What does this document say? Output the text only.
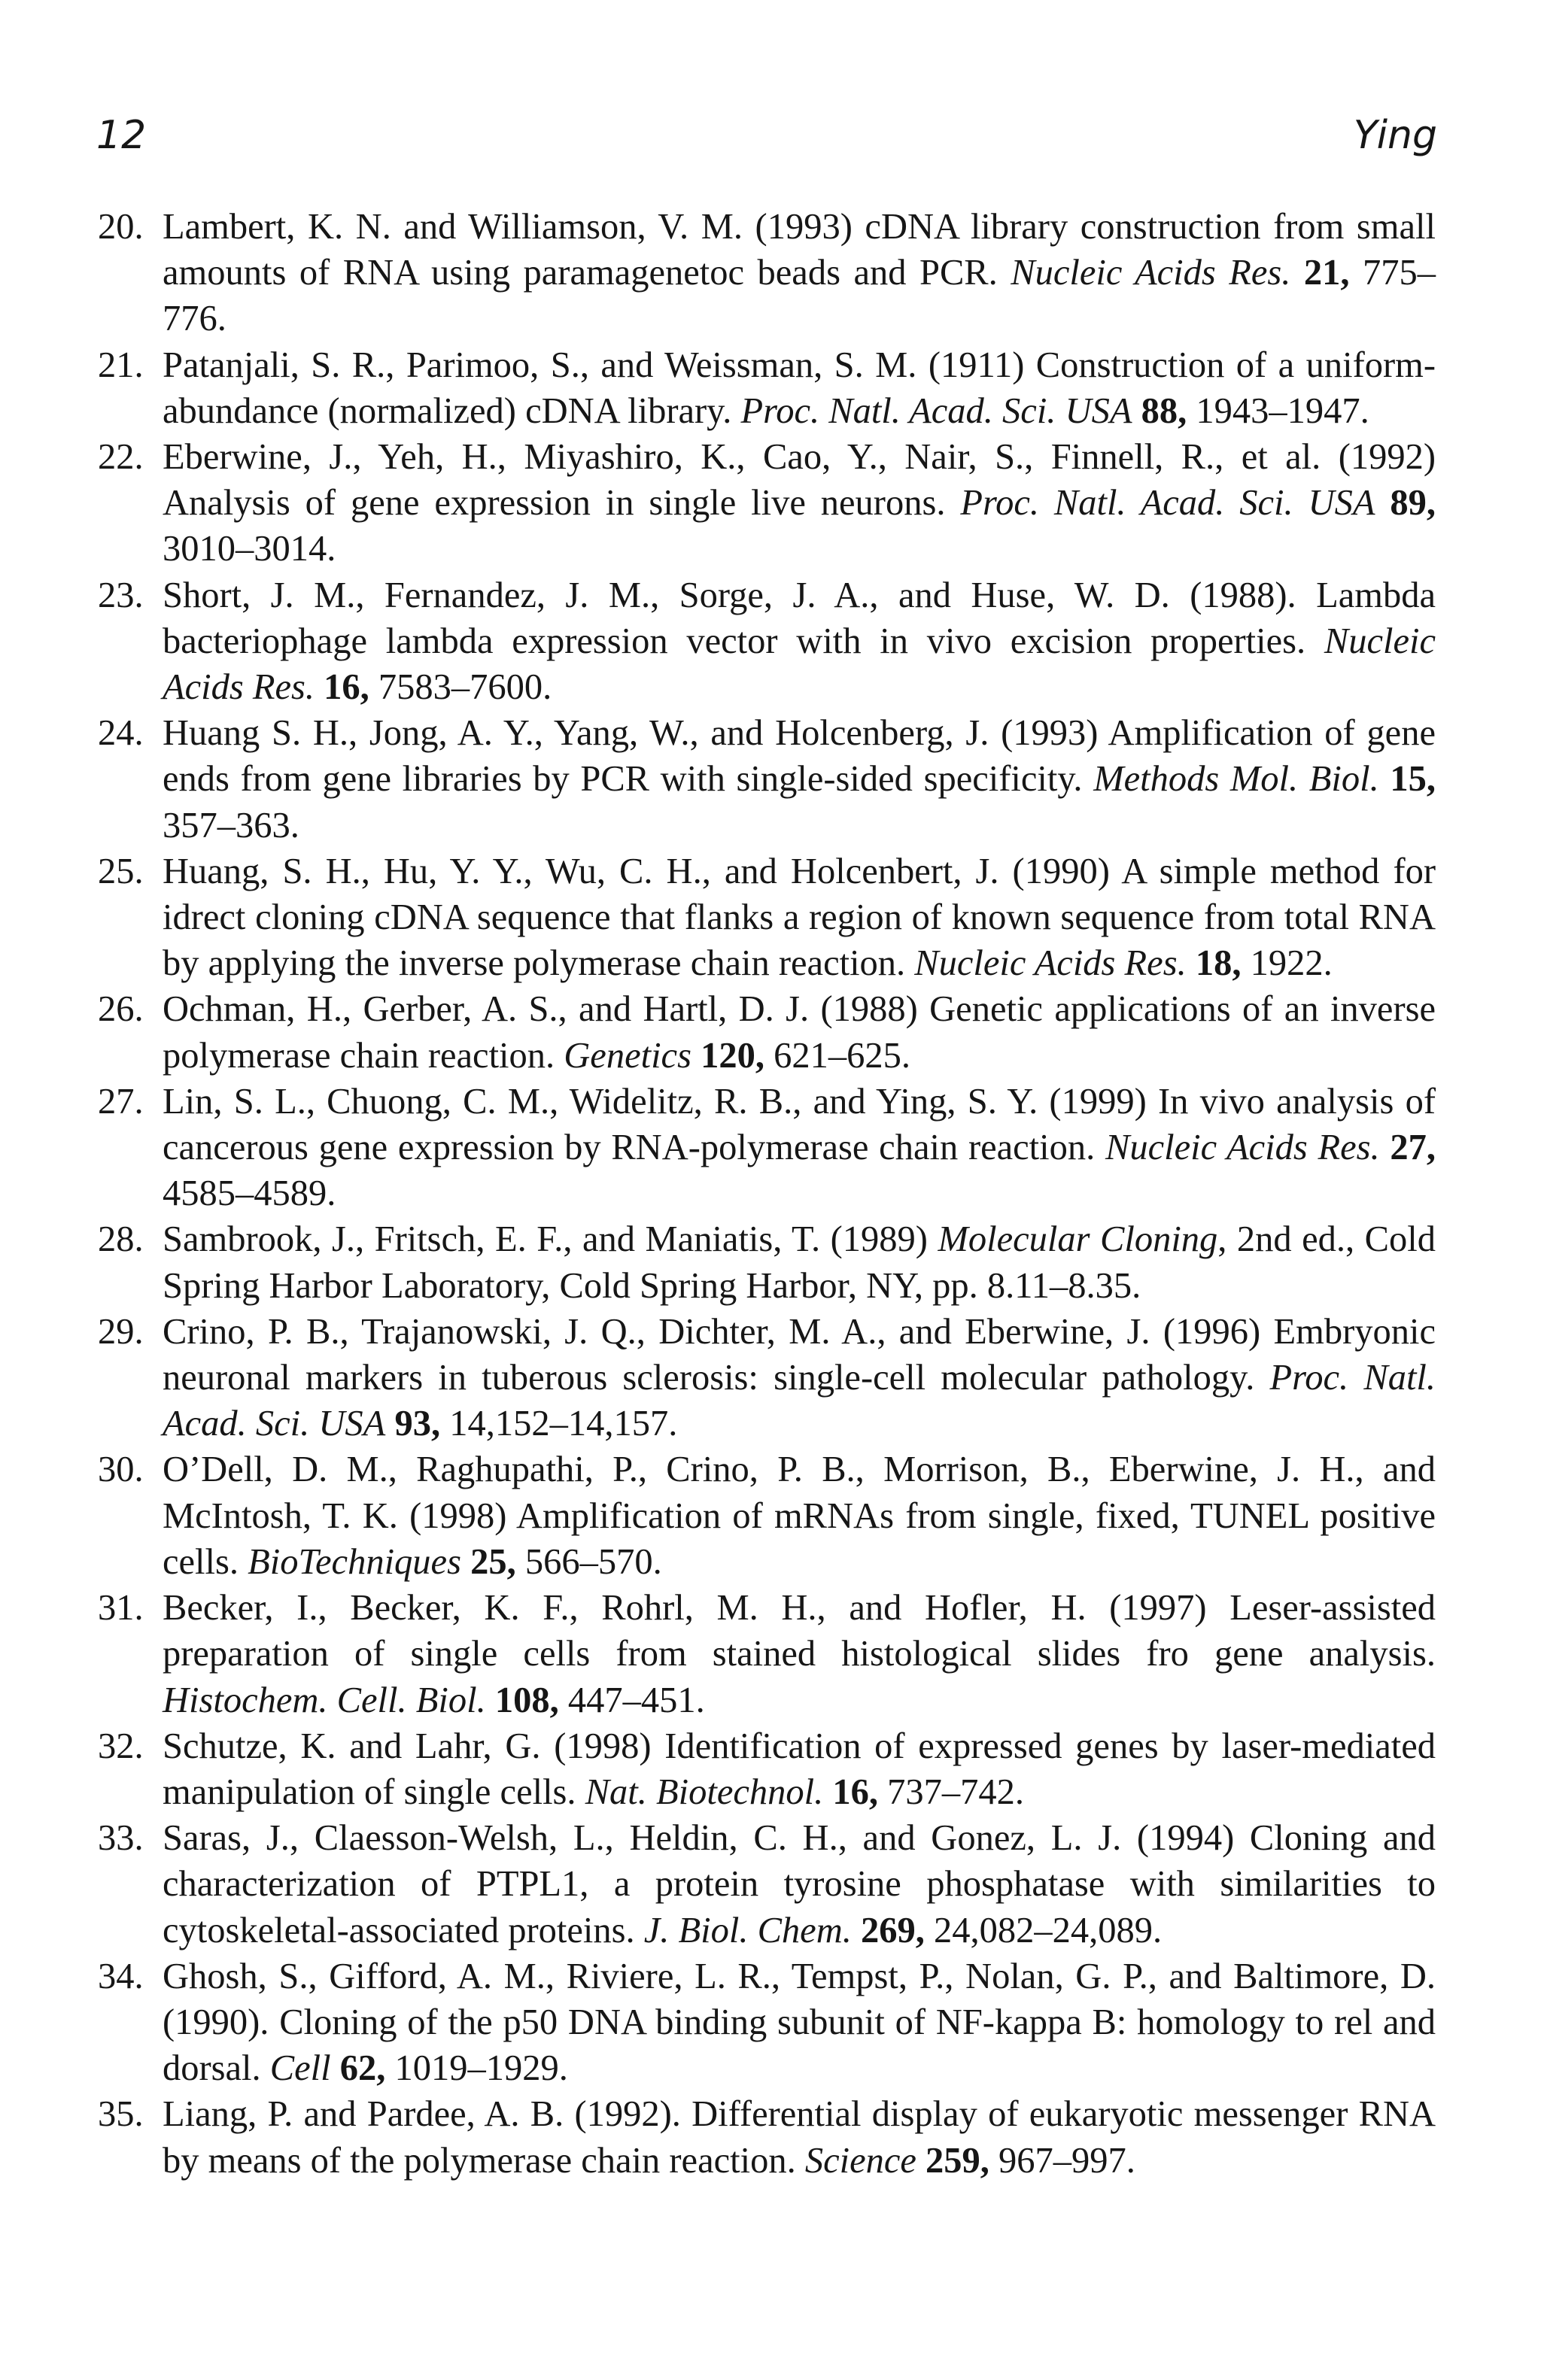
12	Ying
20. Lambert, K. N. and Williamson, V. M. (1993) cDNA library construction from small amounts of RNA using paramagenetoc beads and PCR. Nucleic Acids Res. 21, 775–776.
21. Patanjali, S. R., Parimoo, S., and Weissman, S. M. (1911) Construction of a uniform-abundance (normalized) cDNA library. Proc. Natl. Acad. Sci. USA 88, 1943–1947.
22. Eberwine, J., Yeh, H., Miyashiro, K., Cao, Y., Nair, S., Finnell, R., et al. (1992) Analysis of gene expression in single live neurons. Proc. Natl. Acad. Sci. USA 89, 3010–3014.
23. Short, J. M., Fernandez, J. M., Sorge, J. A., and Huse, W. D. (1988). Lambda bacteriophage lambda expression vector with in vivo excision properties. Nucleic Acids Res. 16, 7583–7600.
24. Huang S. H., Jong, A. Y., Yang, W., and Holcenberg, J. (1993) Amplification of gene ends from gene libraries by PCR with single-sided specificity. Methods Mol. Biol. 15, 357–363.
25. Huang, S. H., Hu, Y. Y., Wu, C. H., and Holcenbert, J. (1990) A simple method for idrect cloning cDNA sequence that flanks a region of known sequence from total RNA by applying the inverse polymerase chain reaction. Nucleic Acids Res. 18, 1922.
26. Ochman, H., Gerber, A. S., and Hartl, D. J. (1988) Genetic applications of an inverse polymerase chain reaction. Genetics 120, 621–625.
27. Lin, S. L., Chuong, C. M., Widelitz, R. B., and Ying, S. Y. (1999) In vivo analysis of cancerous gene expression by RNA-polymerase chain reaction. Nucleic Acids Res. 27, 4585–4589.
28. Sambrook, J., Fritsch, E. F., and Maniatis, T. (1989) Molecular Cloning, 2nd ed., Cold Spring Harbor Laboratory, Cold Spring Harbor, NY, pp. 8.11–8.35.
29. Crino, P. B., Trajanowski, J. Q., Dichter, M. A., and Eberwine, J. (1996) Embryonic neuronal markers in tuberous sclerosis: single-cell molecular pathology. Proc. Natl. Acad. Sci. USA 93, 14,152–14,157.
30. O’Dell, D. M., Raghupathi, P., Crino, P. B., Morrison, B., Eberwine, J. H., and McIntosh, T. K. (1998) Amplification of mRNAs from single, fixed, TUNEL positive cells. BioTechniques 25, 566–570.
31. Becker, I., Becker, K. F., Rohrl, M. H., and Hofler, H. (1997) Leser-assisted preparation of single cells from stained histological slides fro gene analysis. Histochem. Cell. Biol. 108, 447–451.
32. Schutze, K. and Lahr, G. (1998) Identification of expressed genes by laser-mediated manipulation of single cells. Nat. Biotechnol. 16, 737–742.
33. Saras, J., Claesson-Welsh, L., Heldin, C. H., and Gonez, L. J. (1994) Cloning and characterization of PTPL1, a protein tyrosine phosphatase with similarities to cytoskeletal-associated proteins. J. Biol. Chem. 269, 24,082–24,089.
34. Ghosh, S., Gifford, A. M., Riviere, L. R., Tempst, P., Nolan, G. P., and Baltimore, D. (1990). Cloning of the p50 DNA binding subunit of NF-kappa B: homology to rel and dorsal. Cell 62, 1019–1929.
35. Liang, P. and Pardee, A. B. (1992). Differential display of eukaryotic messenger RNA by means of the polymerase chain reaction. Science 259, 967–997.
